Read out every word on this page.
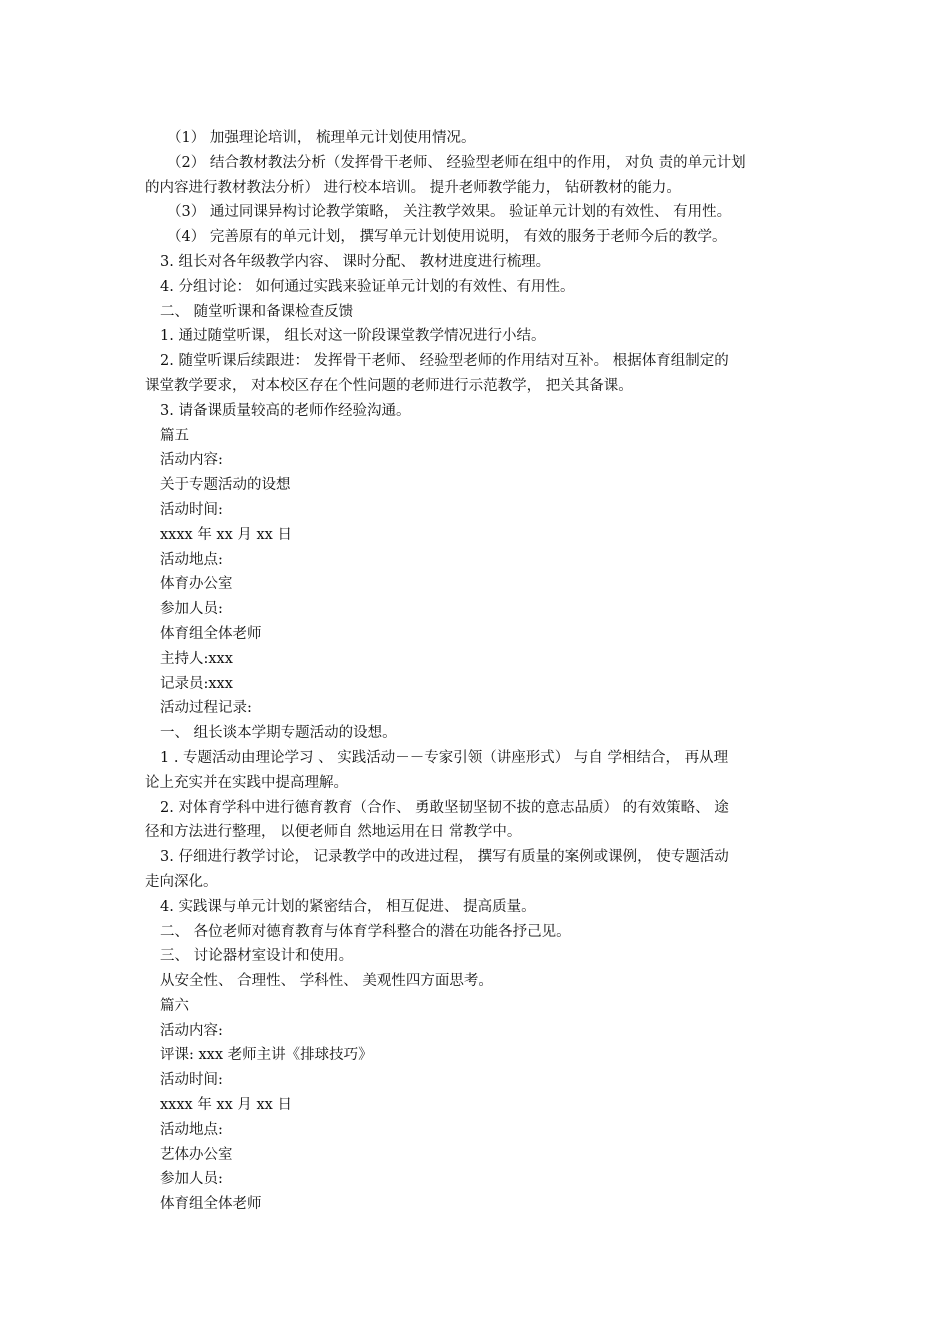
（1） 加强理论培训， 梳理单元计划使用情况。

（2） 结合教材教法分析（发挥骨干老师、 经验型老师在组中的作用， 对负 责的单元计划

的内容进行教材教法分析） 进行校本培训。 提升老师教学能力， 钻研教材的能力。

（3） 通过同课异构讨论教学策略， 关注教学效果。 验证单元计划的有效性、 有用性。

（4） 完善原有的单元计划， 撰写单元计划使用说明， 有效的服务于老师今后的教学。

3. 组长对各年级教学内容、 课时分配、 教材进度进行梳理。

4. 分组讨论： 如何通过实践来验证单元计划的有效性、有用性。

二、 随堂听课和备课检查反馈

1. 通过随堂听课， 组长对这一阶段课堂教学情况进行小结。

2. 随堂听课后续跟进： 发挥骨干老师、 经验型老师的作用结对互补。 根据体育组制定的

课堂教学要求， 对本校区存在个性问题的老师进行示范教学， 把关其备课。

3. 请备课质量较高的老师作经验沟通。

篇五

活动内容:

关于专题活动的设想

活动时间:

xxxx 年 xx 月 xx 日

活动地点:

体育办公室

参加人员:

体育组全体老师

主持人:xxx

记录员:xxx

活动过程记录:

一、 组长谈本学期专题活动的设想。

1 . 专题活动由理论学习 、 实践活动－－专家引领（讲座形式） 与自 学相结合， 再从理

论上充实并在实践中提高理解。

2. 对体育学科中进行德育教育（合作、 勇敢坚韧坚韧不拔的意志品质） 的有效策略、 途

径和方法进行整理， 以便老师自 然地运用在日 常教学中。

3. 仔细进行教学讨论， 记录教学中的改进过程， 撰写有质量的案例或课例， 使专题活动

走向深化。

4. 实践课与单元计划的紧密结合， 相互促进、 提高质量。

二、 各位老师对德育教育与体育学科整合的潜在功能各抒己见。

三、 讨论器材室设计和使用。

从安全性、 合理性、 学科性、 美观性四方面思考。

篇六

活动内容:

评课: xxx 老师主讲《排球技巧》

活动时间:

xxxx 年 xx 月 xx 日

活动地点:

艺体办公室

参加人员:

体育组全体老师
